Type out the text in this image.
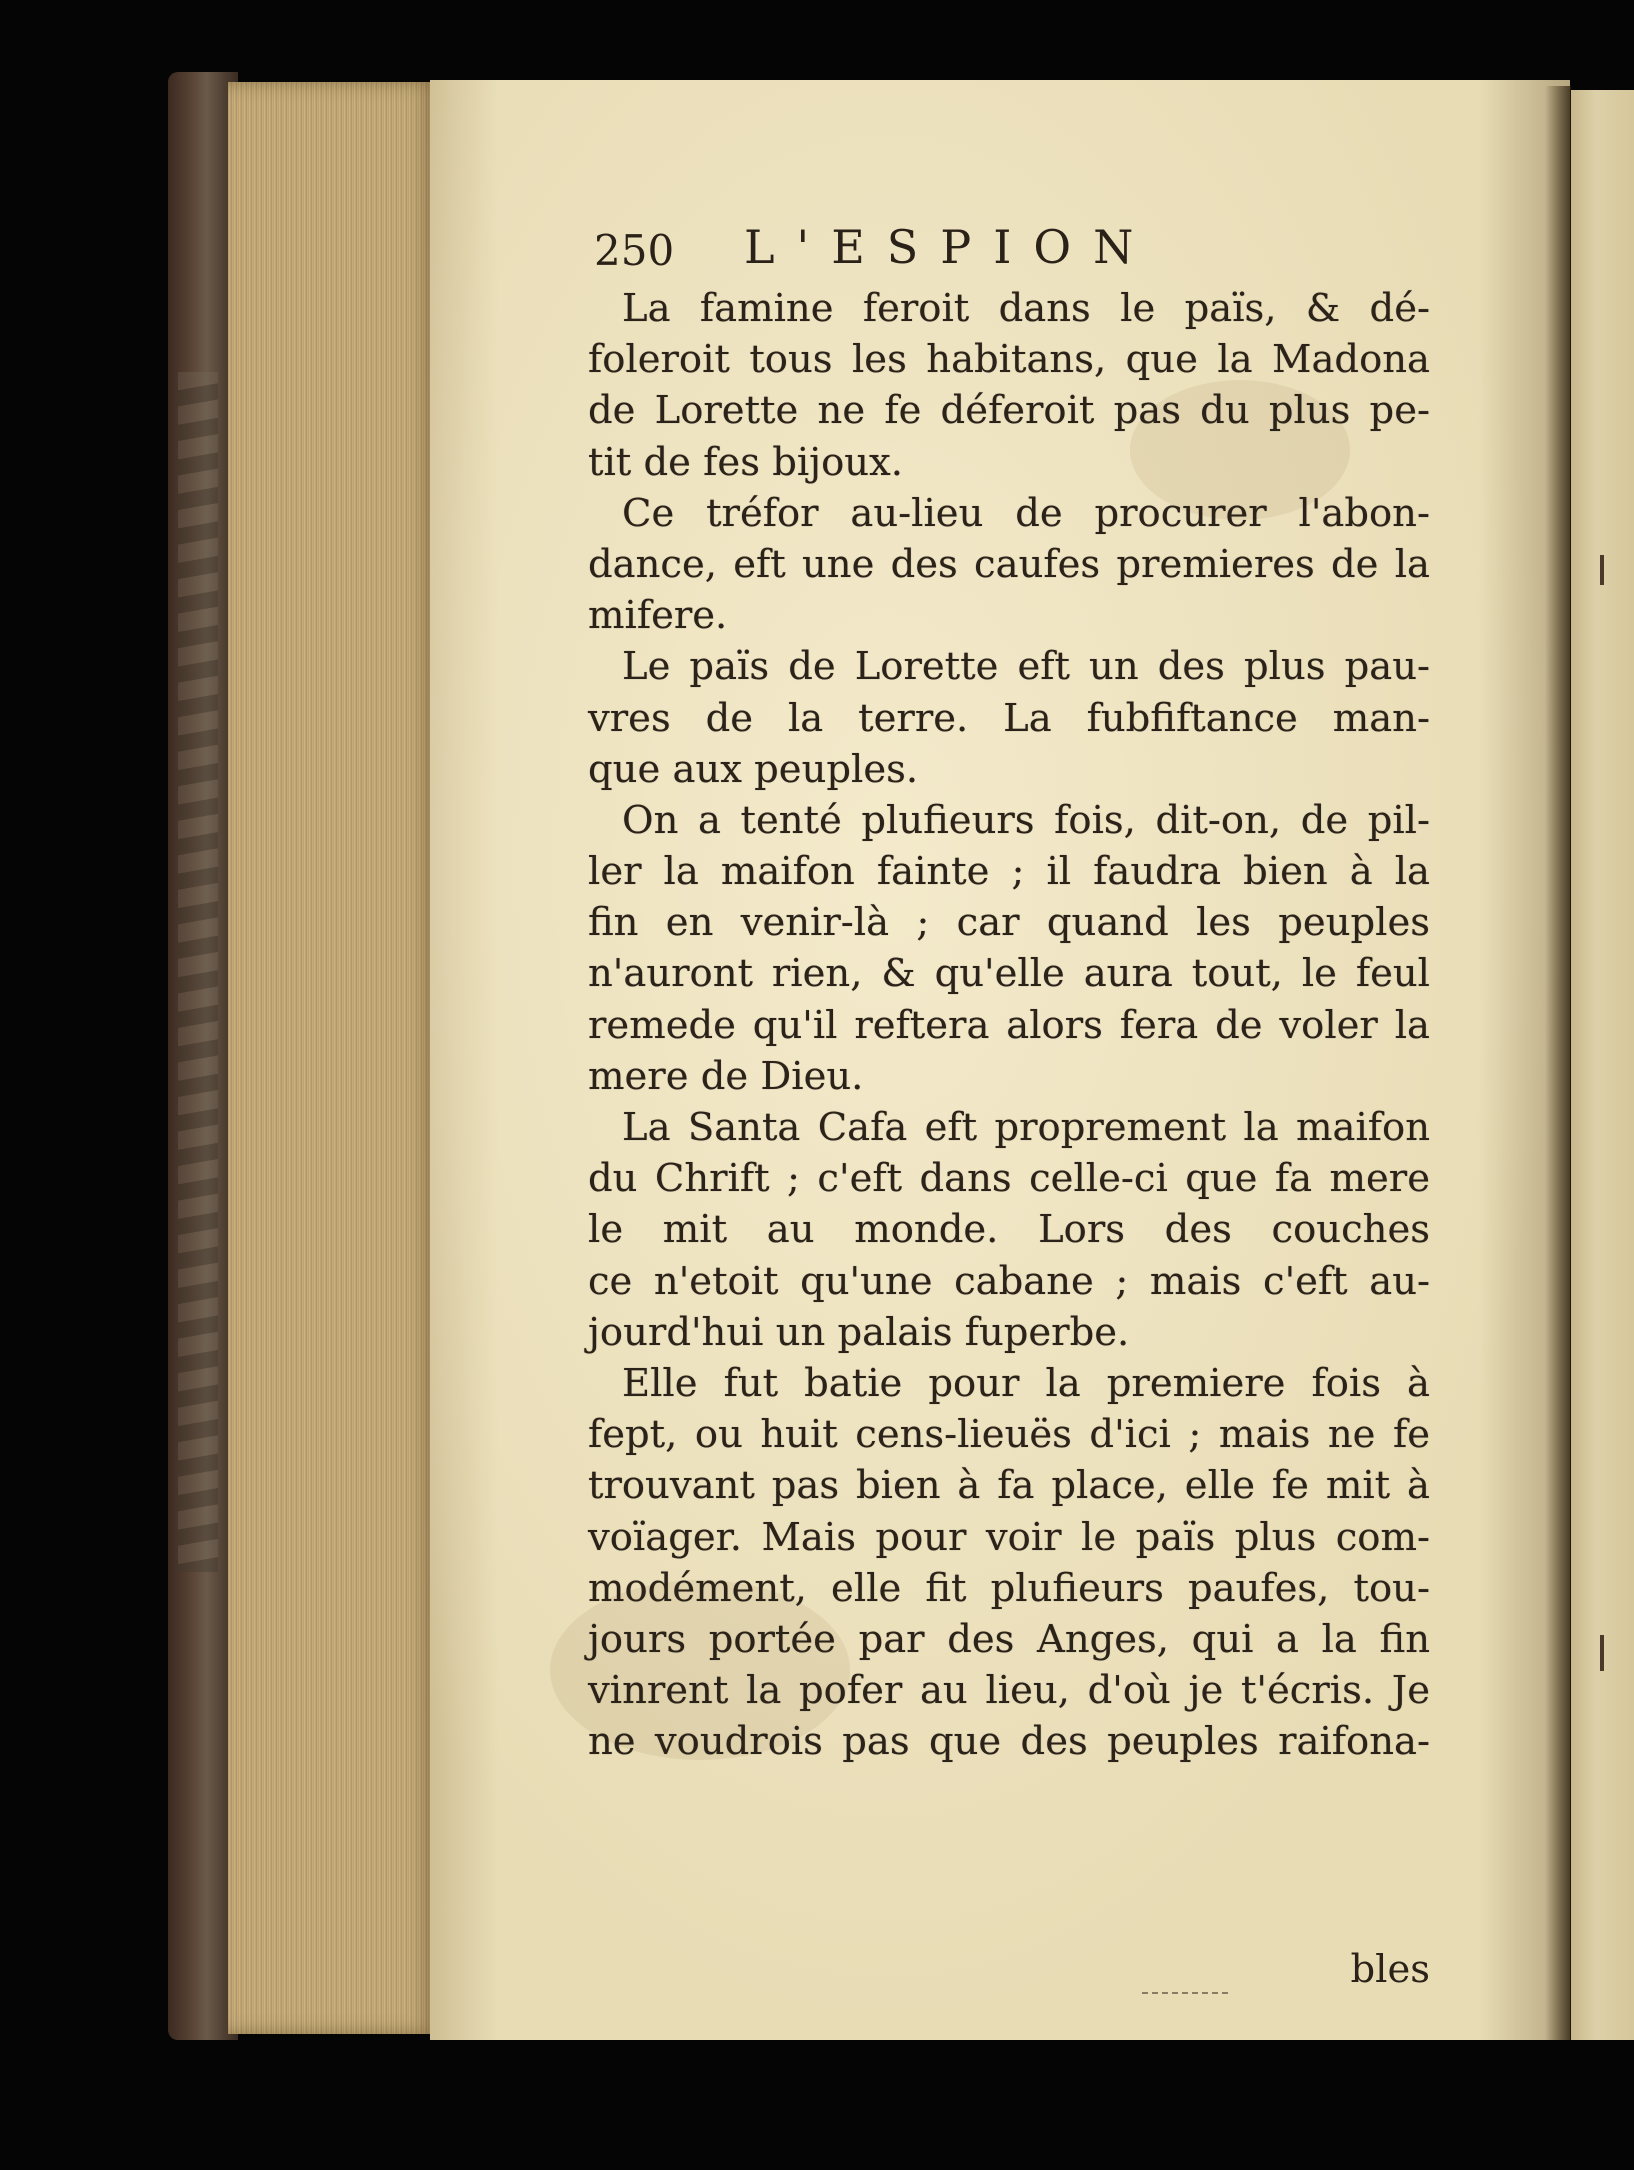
250 L'ESPION
La famine feroit dans le païs, & dé-
foleroit tous les habitans, que la Madona
de Lorette ne fe déferoit pas du plus pe-
tit de fes bijoux.
Ce tréfor au-lieu de procurer l'abon-
dance, eft une des caufes premieres de la
mifere.
Le païs de Lorette eft un des plus pau-
vres de la terre. La fubfiftance man-
que aux peuples.
On a tenté plufieurs fois, dit-on, de pil-
ler la maifon fainte ; il faudra bien à la
fin en venir-là ; car quand les peuples
n'auront rien, & qu'elle aura tout, le feul
remede qu'il reftera alors fera de voler la
mere de Dieu.
La Santa Cafa eft proprement la maifon
du Chrift ; c'eft dans celle-ci que fa mere
le mit au monde. Lors des couches
ce n'etoit qu'une cabane ; mais c'eft au-
jourd'hui un palais fuperbe.
Elle fut batie pour la premiere fois à
fept, ou huit cens-lieuës d'ici ; mais ne fe
trouvant pas bien à fa place, elle fe mit à
voïager. Mais pour voir le païs plus com-
modément, elle fit plufieurs paufes, tou-
jours portée par des Anges, qui a la fin
vinrent la pofer au lieu, d'où je t'écris. Je
ne voudrois pas que des peuples raifona-
bles
